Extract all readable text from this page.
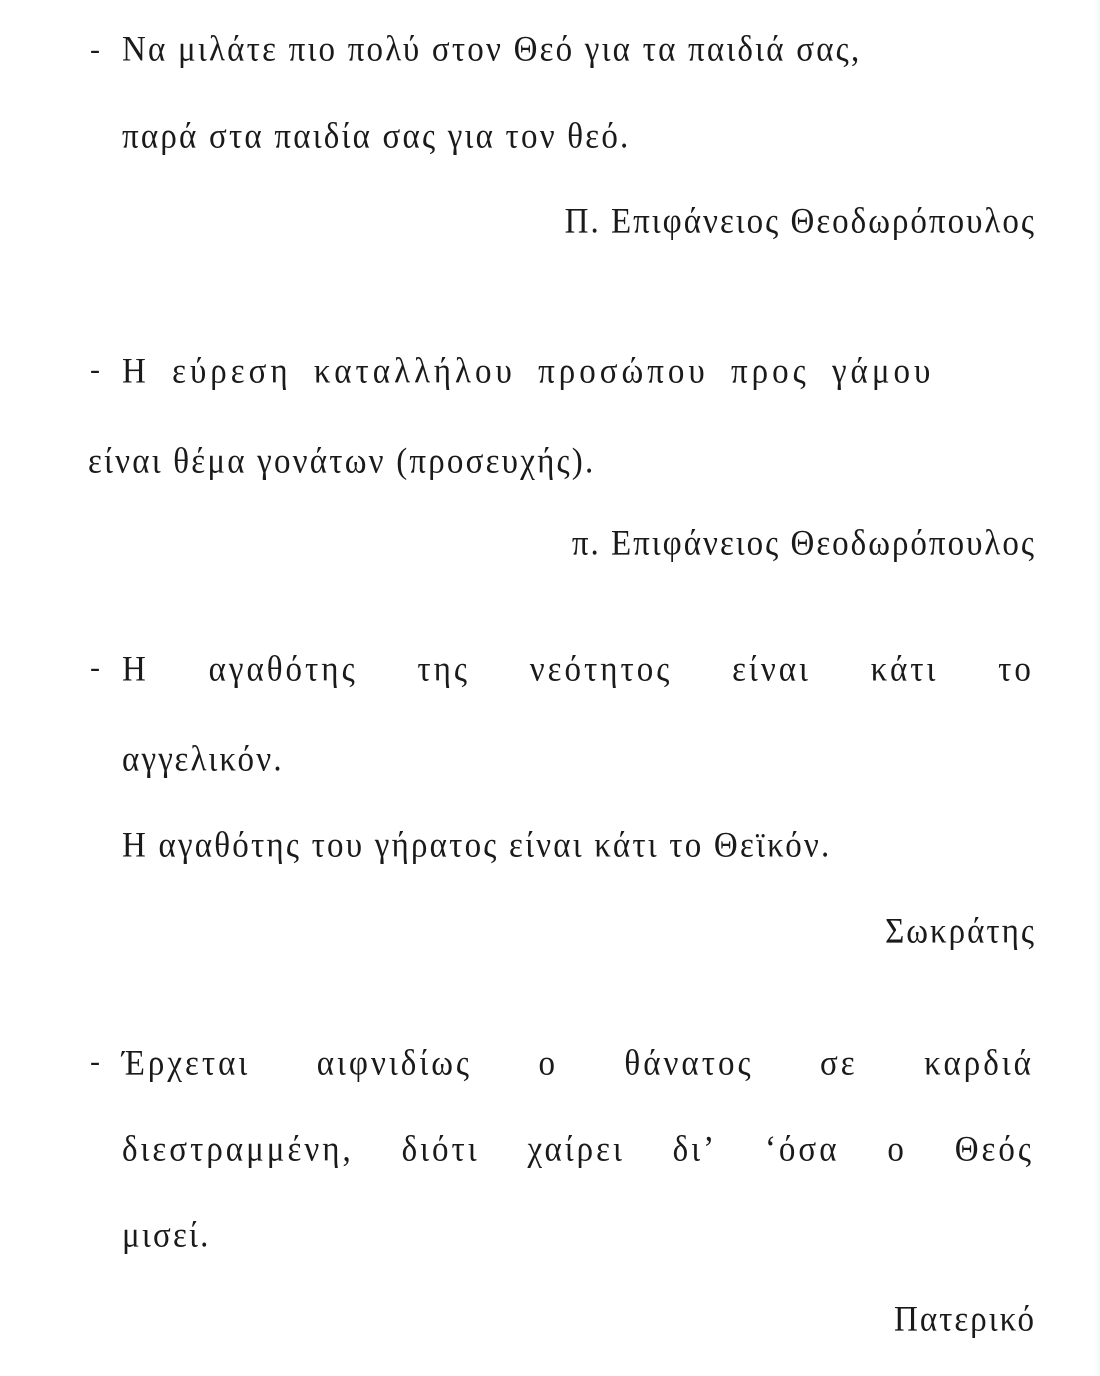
- Να μιλάτε πιο πολύ στον Θεό για τα παιδιά σας,
παρά στα παιδία σας για τον θεό.
Π. Επιφάνειος Θεοδωρόπουλος
- Η εύρεση καταλλήλου προσώπου προς γάμου
είναι θέμα γονάτων (προσευχής).
π. Επιφάνειος Θεοδωρόπουλος
- Η αγαθότης της νεότητος είναι κάτι το
αγγελικόν.
Η αγαθότης του γήρατος είναι κάτι το Θεϊκόν.
Σωκράτης
- Έρχεται αιφνιδίως ο θάνατος σε καρδιά
διεστραμμένη, διότι χαίρει δι’ ‘όσα ο Θεός
μισεί.
Πατερικό
